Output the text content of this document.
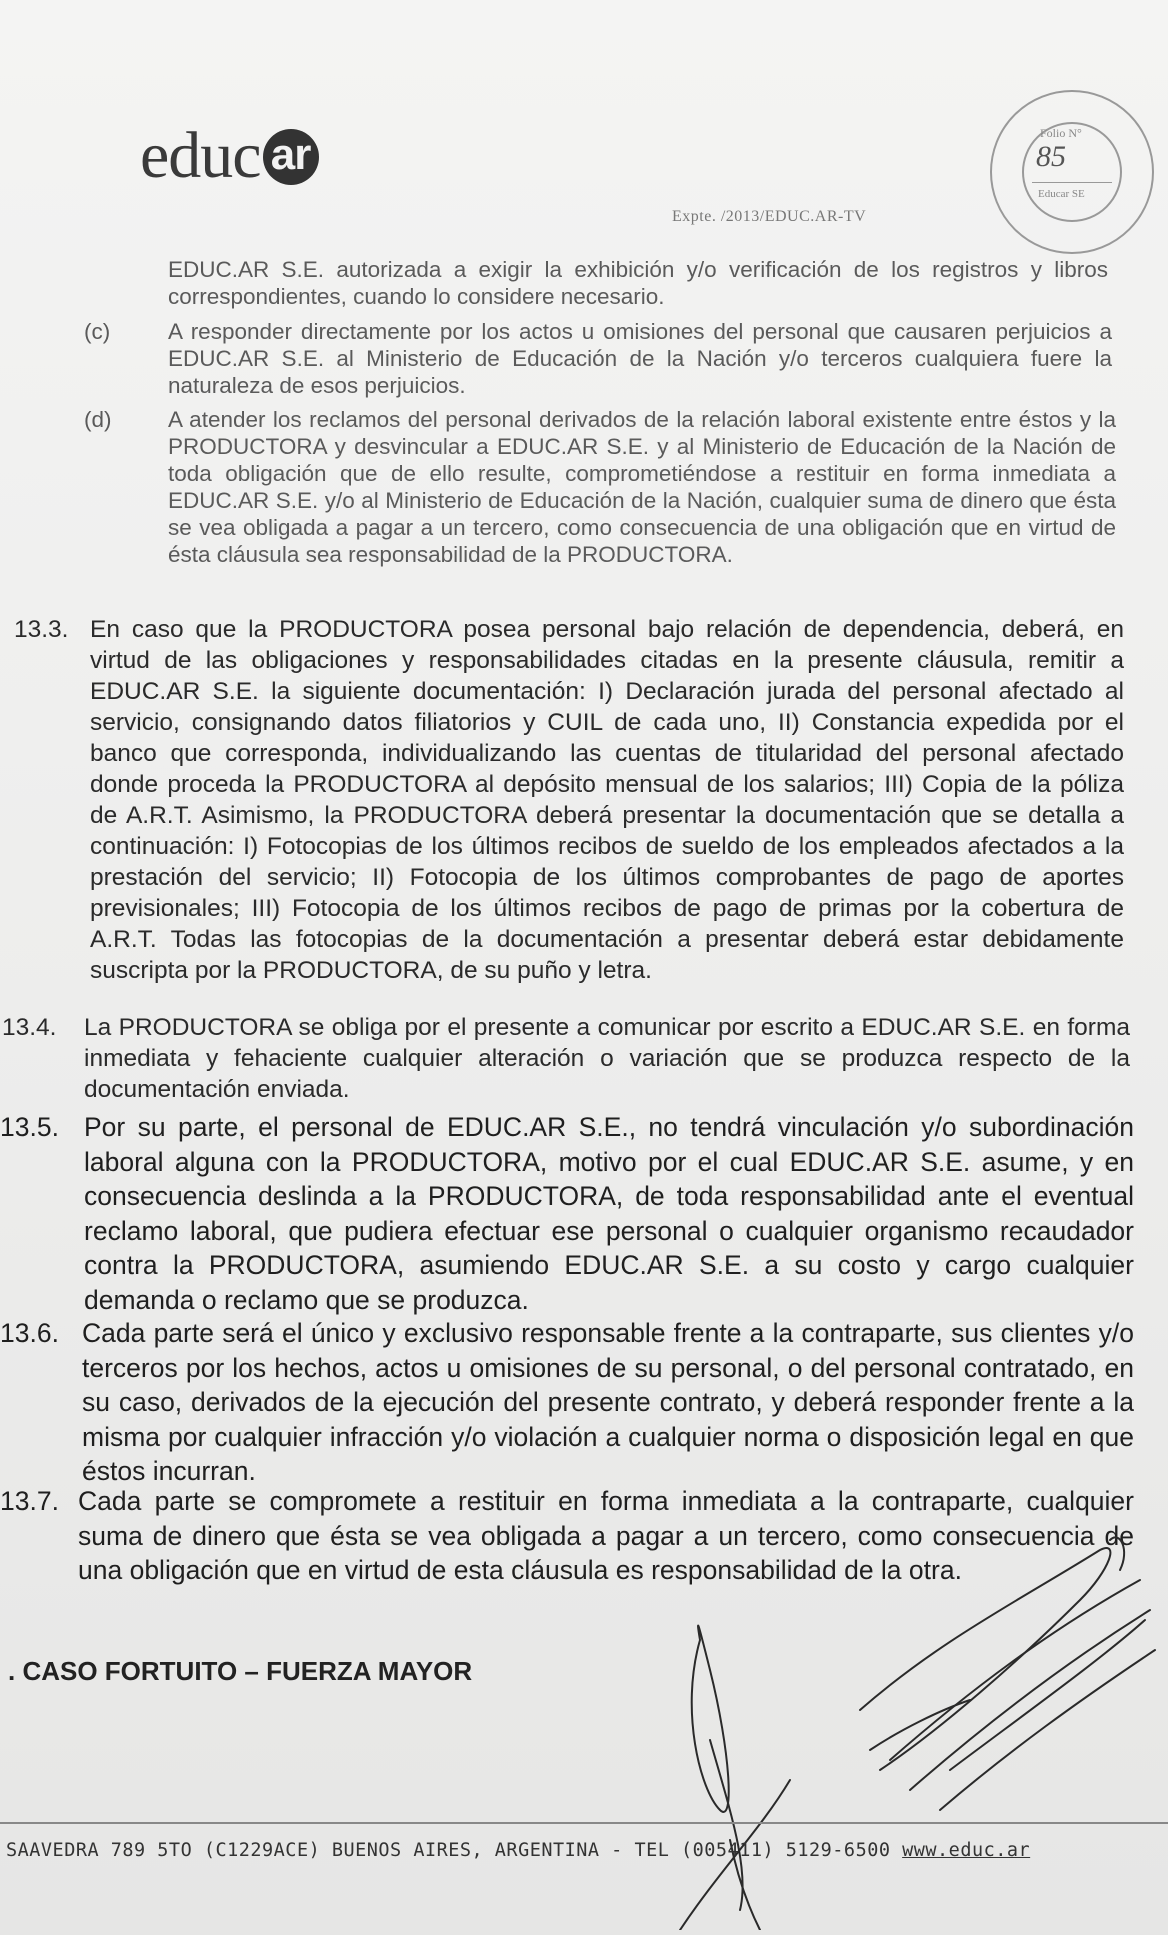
educ ar
Expte. /2013/EDUC.AR-TV
Folio N°
85
Educar SE
EDUC.AR S.E. autorizada a exigir la exhibición y/o verificación de los registros y libros correspondientes, cuando lo considere necesario.
(c)	A responder directamente por los actos u omisiones del personal que causaren perjuicios a EDUC.AR S.E. al Ministerio de Educación de la Nación y/o terceros cualquiera fuere la naturaleza de esos perjuicios.
(d)	A atender los reclamos del personal derivados de la relación laboral existente entre éstos y la PRODUCTORA y desvincular a EDUC.AR S.E. y al Ministerio de Educación de la Nación de toda obligación que de ello resulte, comprometiéndose a restituir en forma inmediata a EDUC.AR S.E. y/o al Ministerio de Educación de la Nación, cualquier suma de dinero que ésta se vea obligada a pagar a un tercero, como consecuencia de una obligación que en virtud de ésta cláusula sea responsabilidad de la PRODUCTORA.
13.3. En caso que la PRODUCTORA posea personal bajo relación de dependencia, deberá, en virtud de las obligaciones y responsabilidades citadas en la presente cláusula, remitir a EDUC.AR S.E. la siguiente documentación: I) Declaración jurada del personal afectado al servicio, consignando datos filiatorios y CUIL de cada uno, II) Constancia expedida por el banco que corresponda, individualizando las cuentas de titularidad del personal afectado donde proceda la PRODUCTORA al depósito mensual de los salarios; III) Copia de la póliza de A.R.T. Asimismo, la PRODUCTORA deberá presentar la documentación que se detalla a continuación: I) Fotocopias de los últimos recibos de sueldo de los empleados afectados a la prestación del servicio; II) Fotocopia de los últimos comprobantes de pago de aportes previsionales; III) Fotocopia de los últimos recibos de pago de primas por la cobertura de A.R.T. Todas las fotocopias de la documentación a presentar deberá estar debidamente suscripta por la PRODUCTORA, de su puño y letra.
13.4. La PRODUCTORA se obliga por el presente a comunicar por escrito a EDUC.AR S.E. en forma inmediata y fehaciente cualquier alteración o variación que se produzca respecto de la documentación enviada.
13.5. Por su parte, el personal de EDUC.AR S.E., no tendrá vinculación y/o subordinación laboral alguna con la PRODUCTORA, motivo por el cual EDUC.AR S.E. asume, y en consecuencia deslinda a la PRODUCTORA, de toda responsabilidad ante el eventual reclamo laboral, que pudiera efectuar ese personal o cualquier organismo recaudador contra la PRODUCTORA, asumiendo EDUC.AR S.E. a su costo y cargo cualquier demanda o reclamo que se produzca.
13.6. Cada parte será el único y exclusivo responsable frente a la contraparte, sus clientes y/o terceros por los hechos, actos u omisiones de su personal, o del personal contratado, en su caso, derivados de la ejecución del presente contrato, y deberá responder frente a la misma por cualquier infracción y/o violación a cualquier norma o disposición legal en que éstos incurran.
13.7. Cada parte se compromete a restituir en forma inmediata a la contraparte, cualquier suma de dinero que ésta se vea obligada a pagar a un tercero, como consecuencia de una obligación que en virtud de esta cláusula es responsabilidad de la otra.
. CASO FORTUITO – FUERZA MAYOR
SAAVEDRA 789 5TO (C1229ACE) BUENOS AIRES, ARGENTINA - TEL (005411) 5129-6500 www.educ.ar
